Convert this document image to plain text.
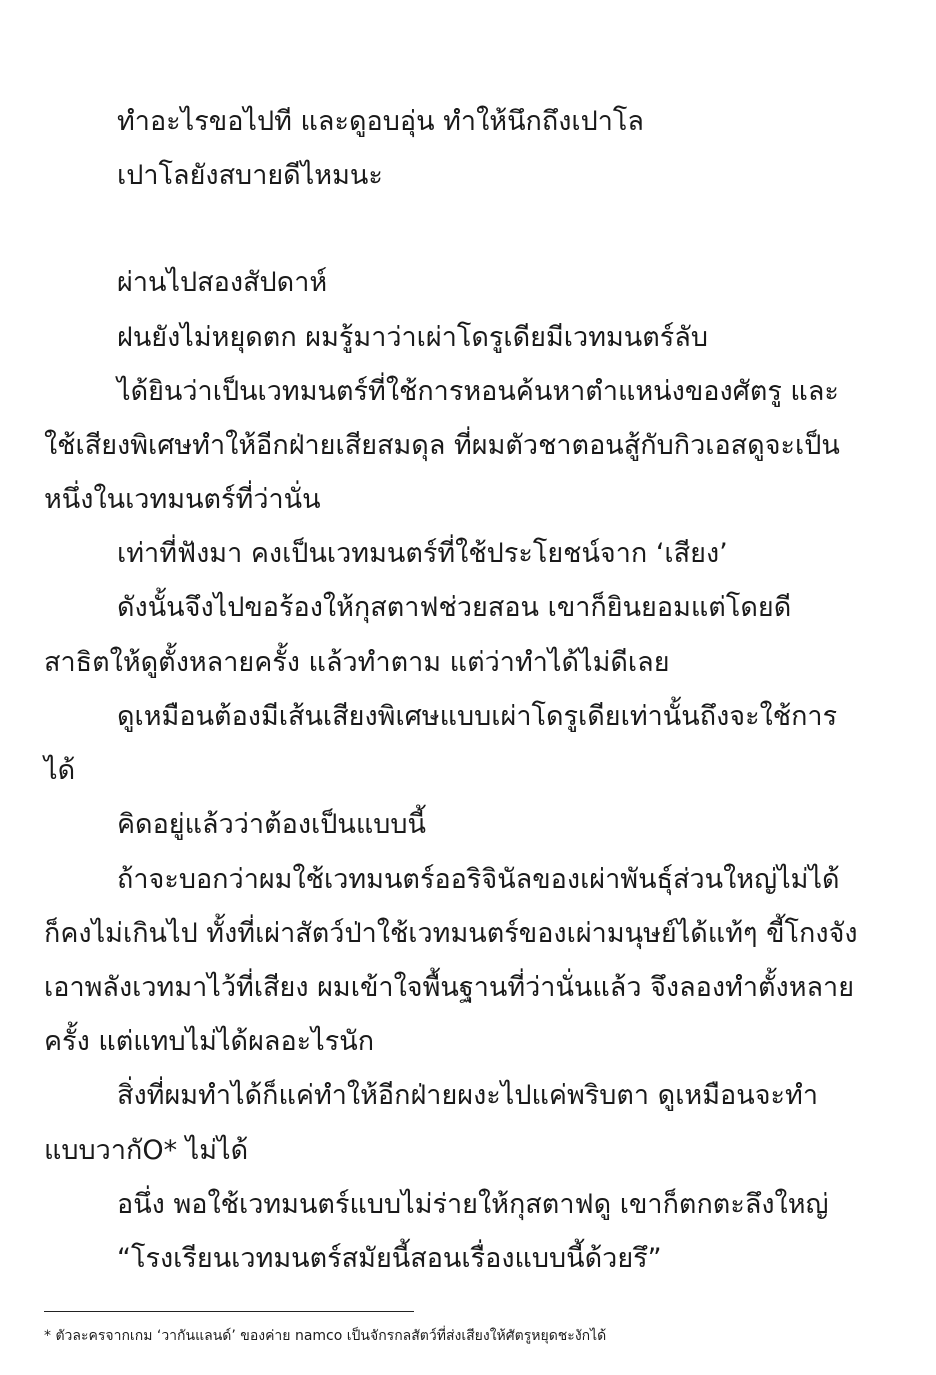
ทำอะไรขอไปที และดูอบอุ่น ทำให้นึกถึงเปาโล
เปาโลยังสบายดีไหมนะ
ผ่านไปสองสัปดาห์
ฝนยังไม่หยุดตก ผมรู้มาว่าเผ่าโดรูเดียมีเวทมนตร์ลับ
ได้ยินว่าเป็นเวทมนตร์ที่ใช้การหอนค้นหาตำแหน่งของศัตรู และ
ใช้เสียงพิเศษทำให้อีกฝ่ายเสียสมดุล ที่ผมตัวชาตอนสู้กับกิวเอสดูจะเป็น
หนึ่งในเวทมนตร์ที่ว่านั่น
เท่าที่ฟังมา คงเป็นเวทมนตร์ที่ใช้ประโยชน์จาก ‘เสียง’
ดังนั้นจึงไปขอร้องให้กุสตาฟช่วยสอน เขาก็ยินยอมแต่โดยดี
สาธิตให้ดูตั้งหลายครั้ง แล้วทำตาม แต่ว่าทำได้ไม่ดีเลย
ดูเหมือนต้องมีเส้นเสียงพิเศษแบบเผ่าโดรูเดียเท่านั้นถึงจะใช้การ
ได้
คิดอยู่แล้วว่าต้องเป็นแบบนี้
ถ้าจะบอกว่าผมใช้เวทมนตร์ออริจินัลของเผ่าพันธุ์ส่วนใหญ่ไม่ได้
ก็คงไม่เกินไป ทั้งที่เผ่าสัตว์ป่าใช้เวทมนตร์ของเผ่ามนุษย์ได้แท้ๆ ขี้โกงจัง
เอาพลังเวทมาไว้ที่เสียง ผมเข้าใจพื้นฐานที่ว่านั่นแล้ว จึงลองทำตั้งหลาย
ครั้ง แต่แทบไม่ได้ผลอะไรนัก
สิ่งที่ผมทำได้ก็แค่ทำให้อีกฝ่ายผงะไปแค่พริบตา ดูเหมือนจะทำ
แบบวากัO* ไม่ได้
อนึ่ง พอใช้เวทมนตร์แบบไม่ร่ายให้กุสตาฟดู เขาก็ตกตะลึงใหญ่
“โรงเรียนเวทมนตร์สมัยนี้สอนเรื่องแบบนี้ด้วยรึ”
* ตัวละครจากเกม ‘วากันแลนด์’ ของค่าย namco เป็นจักรกลสัตว์ที่ส่งเสียงให้ศัตรูหยุดชะงักได้
